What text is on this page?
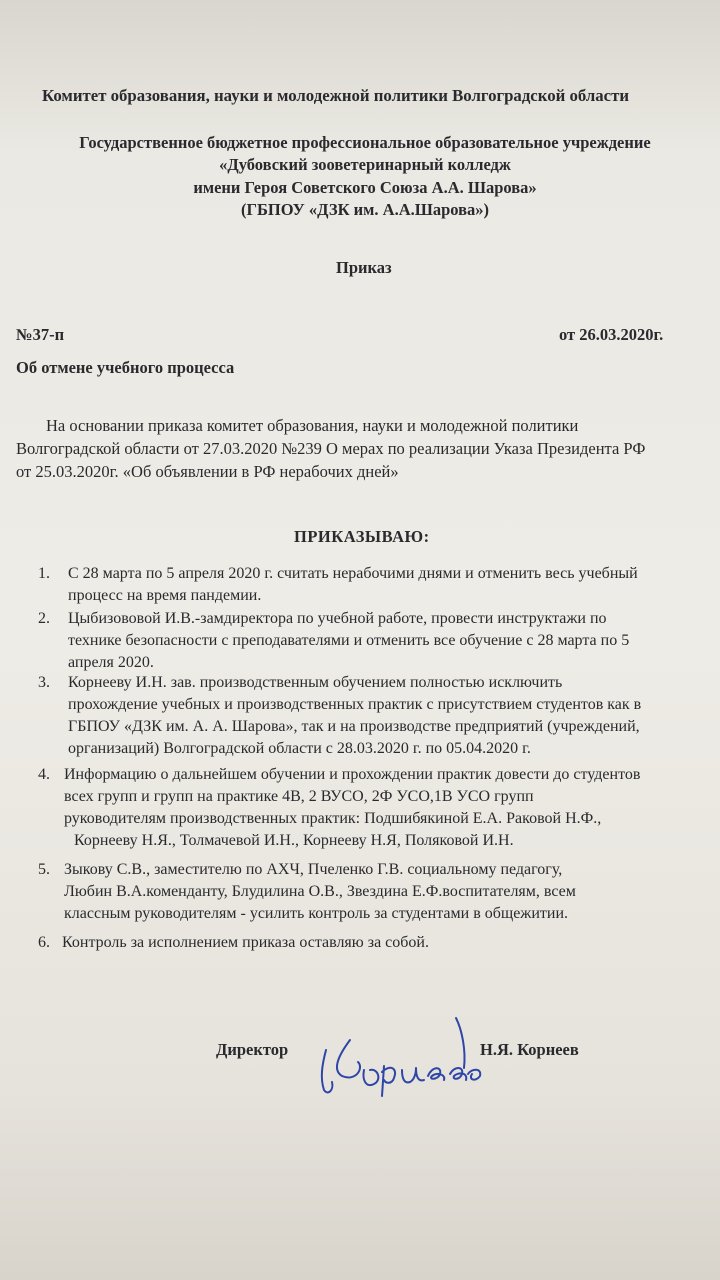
Комитет образования, науки и молодежной политики Волгоградской области
Государственное бюджетное профессиональное образовательное учреждение
«Дубовский зооветеринарный колледж
имени Героя Советского Союза А.А. Шарова»
(ГБПОУ «ДЗК им. А.А.Шарова»)
Приказ
№37-п	от 26.03.2020г.
Об отмене учебного процесса
На основании приказа комитет образования, науки и молодежной политики
Волгоградской области от 27.03.2020 №239 О мерах по реализации Указа Президента РФ
от 25.03.2020г. «Об объявлении в РФ нерабочих дней»
ПРИКАЗЫВАЮ:
1.	С 28 марта по 5 апреля 2020 г. считать нерабочими днями и отменить весь учебный
процесс на время пандемии.
2.	Цыбизововой И.В.-замдиректора по учебной работе, провести инструктажи по
технике безопасности с преподавателями и отменить все обучение с 28 марта по 5
апреля 2020.
3.	Корнееву И.Н. зав. производственным обучением полностью исключить
прохождение учебных и производственных практик с присутствием студентов как в
ГБПОУ «ДЗК им. А. А. Шарова», так и на производстве предприятий (учреждений,
организаций) Волгоградской области с 28.03.2020 г. по 05.04.2020 г.
4. Информацию о дальнейшем обучении и прохождении практик довести до студентов
всех групп и групп на практике 4В, 2 ВУСО, 2Ф УСО,1В УСО групп
руководителям производственных практик: Подшибякиной Е.А. Раковой Н.Ф.,
Корнееву Н.Я., Толмачевой И.Н., Корнееву Н.Я, Поляковой И.Н.
5. Зыкову С.В., заместителю по АХЧ, Пчеленко Г.В. социальному педагогу,
Любин В.А.коменданту, Блудилина О.В., Звездина Е.Ф.воспитателям, всем
классным руководителям - усилить контроль за студентами в общежитии.
6. Контроль за исполнением приказа оставляю за собой.
Директор	Н.Я. Корнеев
